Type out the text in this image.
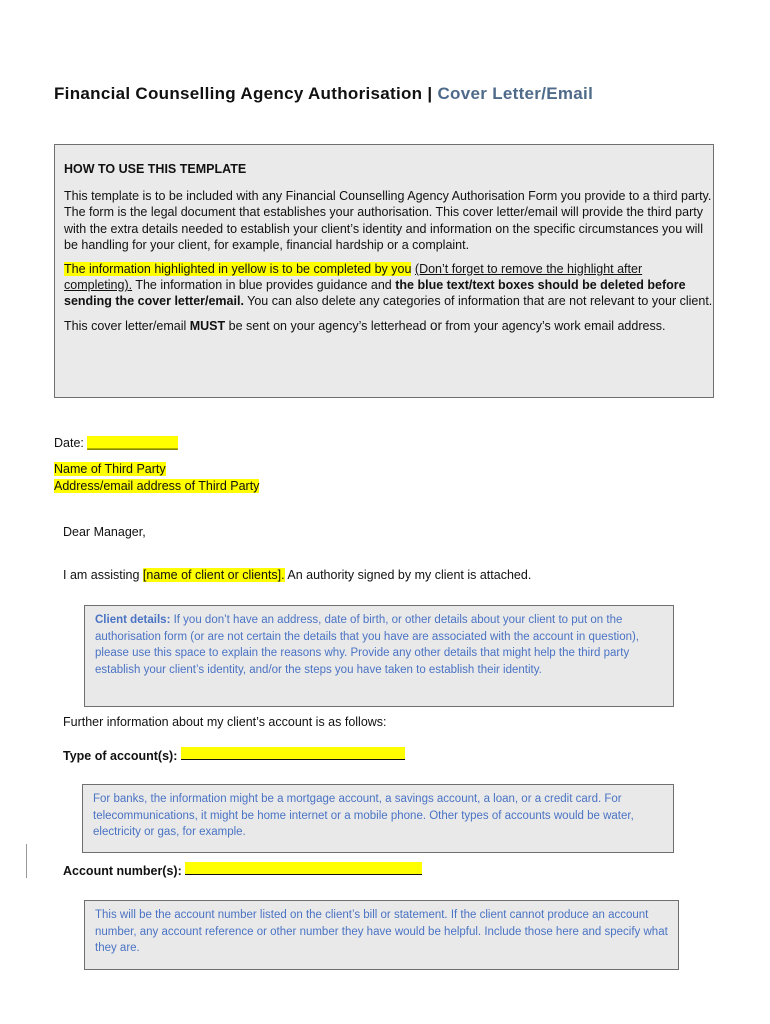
Financial Counselling Agency Authorisation | Cover Letter/Email

HOW TO USE THIS TEMPLATE

This template is to be included with any Financial Counselling Agency Authorisation Form you provide to a third party. The form is the legal document that establishes your authorisation. This cover letter/email will provide the third party with the extra details needed to establish your client’s identity and information on the specific circumstances you will be handling for your client, for example, financial hardship or a complaint.

The information highlighted in yellow is to be completed by you (Don’t forget to remove the highlight after completing). The information in blue provides guidance and the blue text/text boxes should be deleted before sending the cover letter/email. You can also delete any categories of information that are not relevant to your client.

This cover letter/email MUST be sent on your agency’s letterhead or from your agency’s work email address.

Date: _____________
Name of Third Party
Address/email address of Third Party
Dear Manager,
I am assisting [name of client or clients]. An authority signed by my client is attached.
Client details: If you don’t have an address, date of birth, or other details about your client to put on the authorisation form (or are not certain the details that you have are associated with the account in question), please use this space to explain the reasons why. Provide any other details that might help the third party establish your client’s identity, and/or the steps you have taken to establish their identity.
Further information about my client’s account is as follows:
Type of account(s):
For banks, the information might be a mortgage account, a savings account, a loan, or a credit card. For telecommunications, it might be home internet or a mobile phone. Other types of accounts would be water, electricity or gas, for example.
Account number(s):
This will be the account number listed on the client’s bill or statement. If the client cannot produce an account number, any account reference or other number they have would be helpful. Include those here and specify what they are.
